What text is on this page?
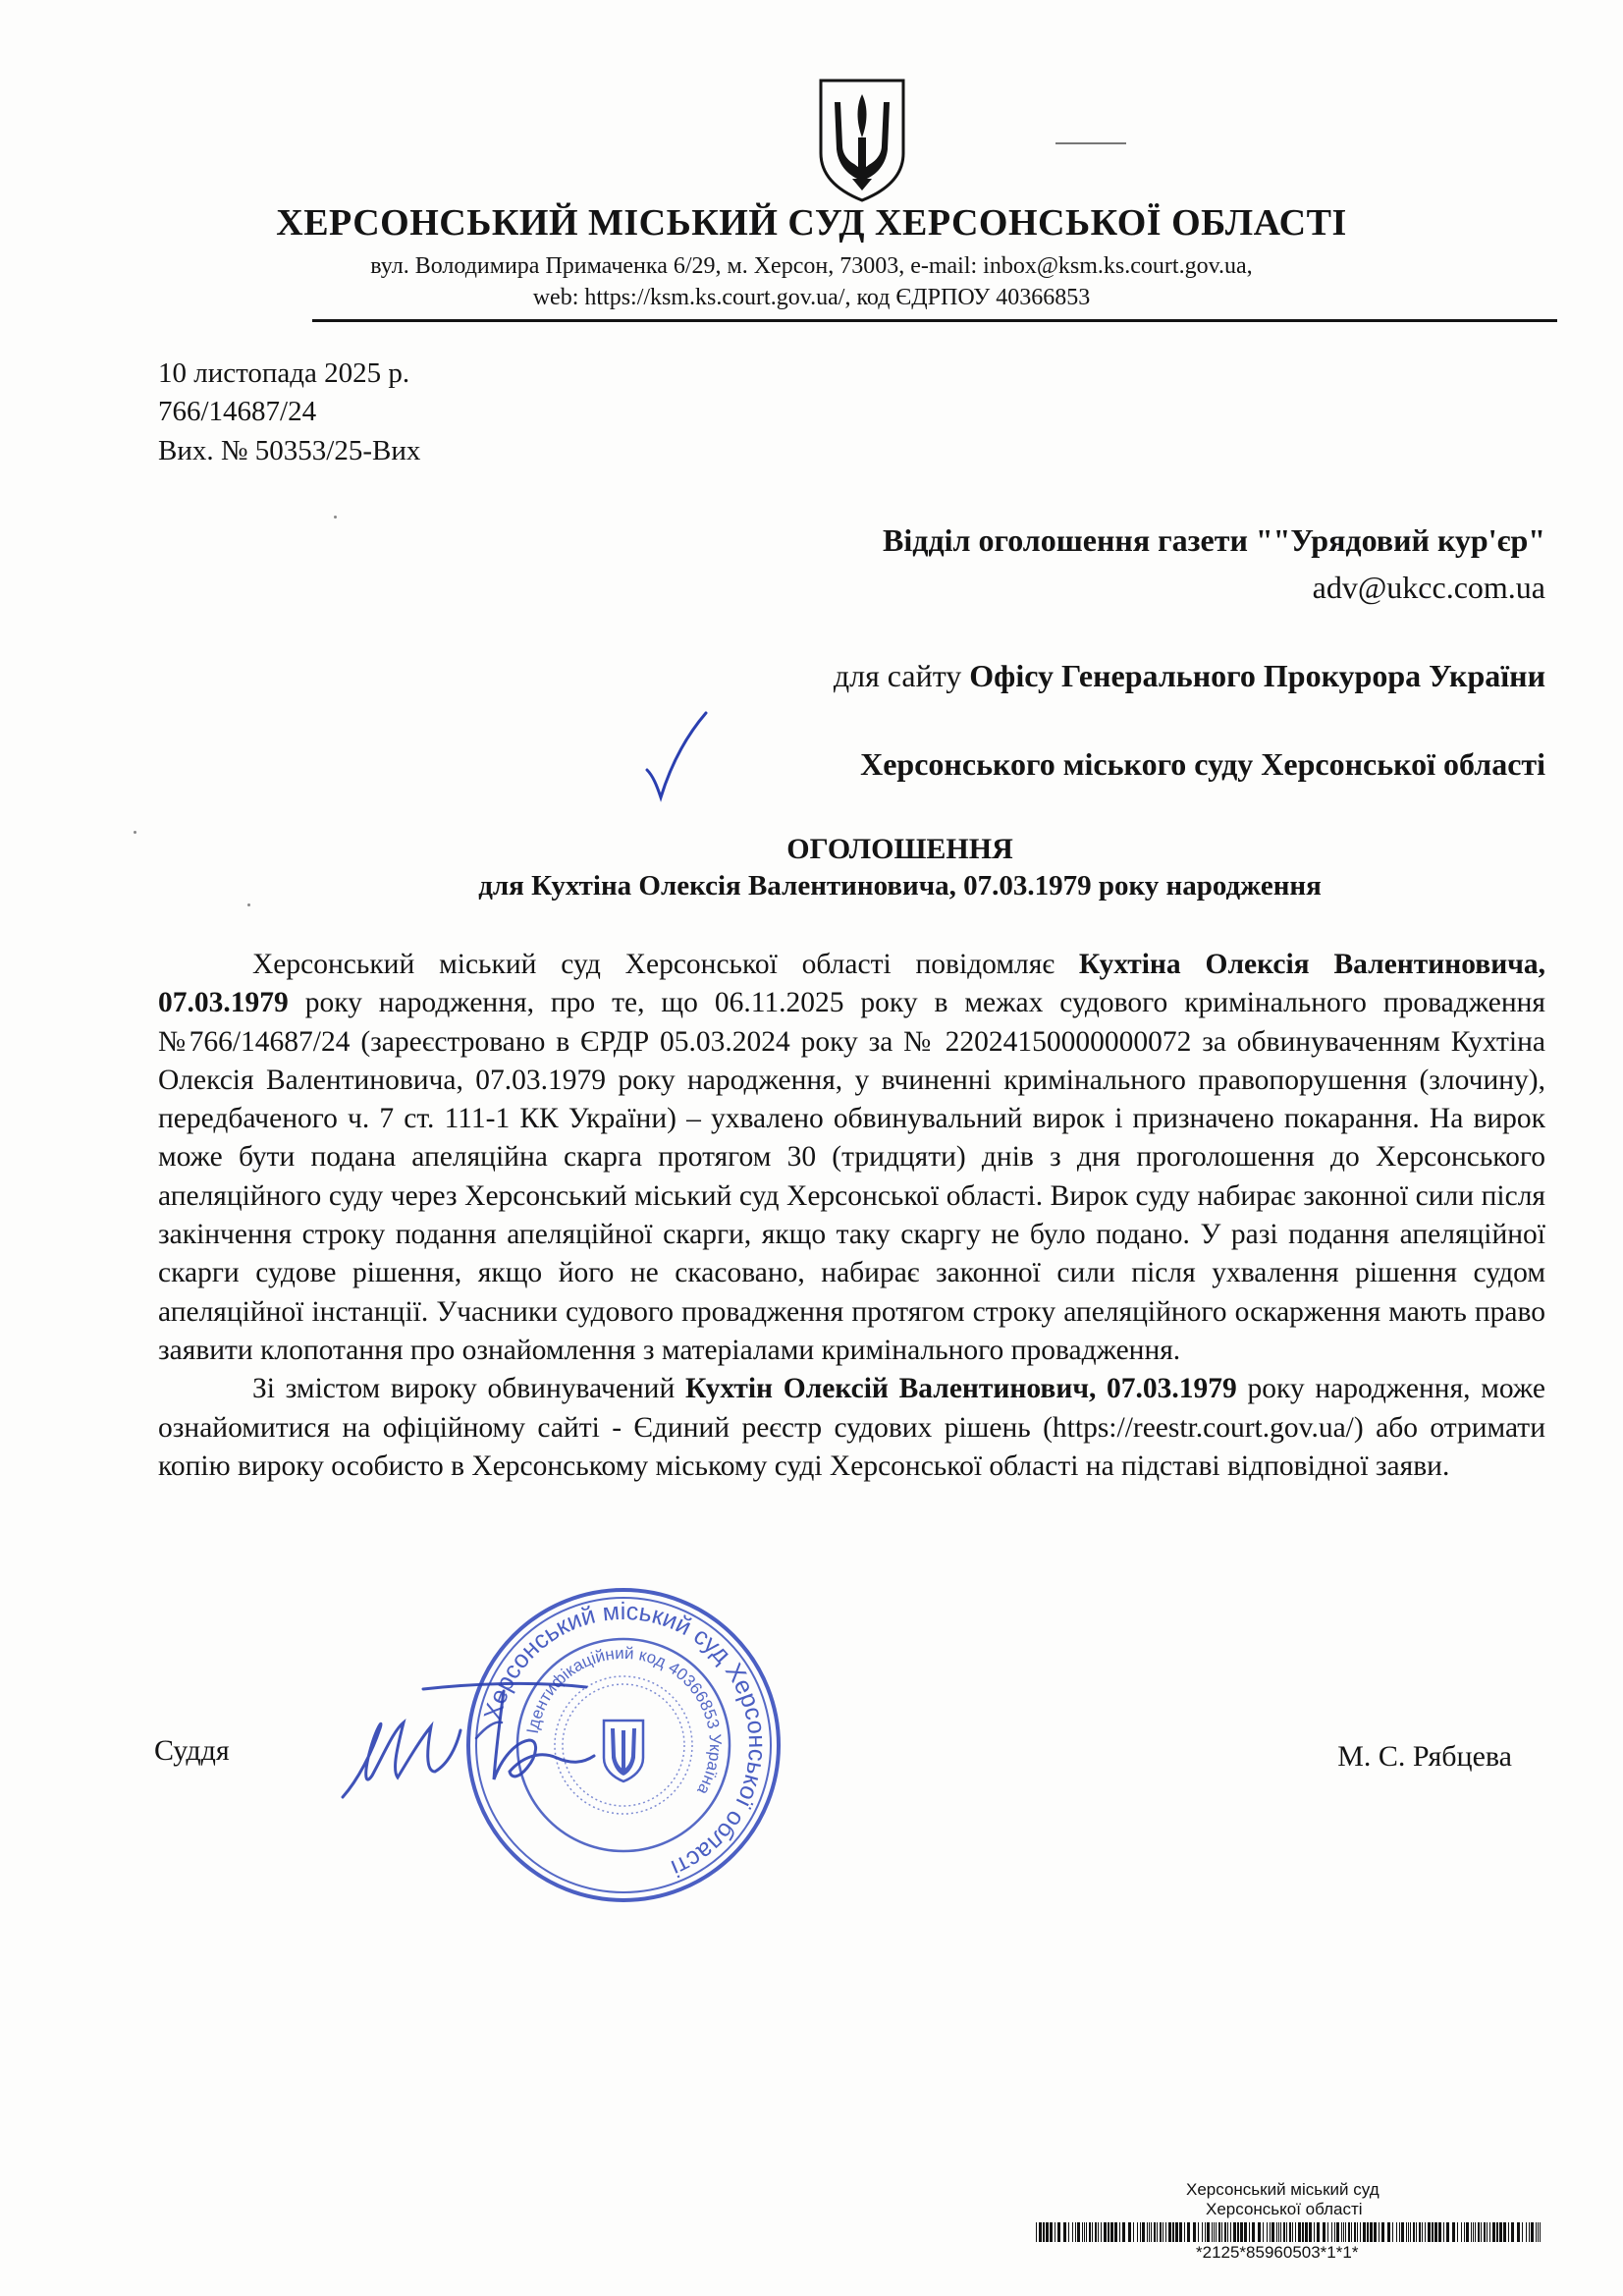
ХЕРСОНСЬКИЙ МІСЬКИЙ СУД ХЕРСОНСЬКОЇ ОБЛАСТІ
вул. Володимира Примаченка 6/29, м. Херсон, 73003, e-mail: inbox@ksm.ks.court.gov.ua,
web: https://ksm.ks.court.gov.ua/, код ЄДРПОУ 40366853
10 листопада 2025 р.
766/14687/24
Вих. № 50353/25-Вих
Відділ оголошення газети ""Урядовий кур'єр"
adv@ukcc.com.ua
для сайту Офісу Генерального Прокурора України
Херсонського міського суду Херсонської області
ОГОЛОШЕННЯ
для Кухтіна Олексія Валентиновича, 07.03.1979 року народження

Херсонський міський суд Херсонської області повідомляє Кухтіна Олексія Валентиновича, 07.03.1979 року народження, про те, що 06.11.2025 року в межах судового кримінального провадження №766/14687/24 (зареєстровано в ЄРДР 05.03.2024 року за № 22024150000000072 за обвинуваченням Кухтіна Олексія Валентиновича, 07.03.1979 року народження, у вчиненні кримінального правопорушення (злочину), передбаченого ч. 7 ст. 111-1 КК України) – ухвалено обвинувальний вирок і призначено покарання. На вирок може бути подана апеляційна скарга протягом 30 (тридцяти) днів з дня проголошення до Херсонського апеляційного суду через Херсонський міський суд Херсонської області. Вирок суду набирає законної сили після закінчення строку подання апеляційної скарги, якщо таку скаргу не було подано. У разі подання апеляційної скарги судове рішення, якщо його не скасовано, набирає законної сили після ухвалення рішення судом апеляційної інстанції. Учасники судового провадження протягом строку апеляційного оскарження мають право заявити клопотання про ознайомлення з матеріалами кримінального провадження.

Зі змістом вироку обвинувачений Кухтін Олексій Валентинович, 07.03.1979 року народження, може ознайомитися на офіційному сайті - Єдиний реєстр судових рішень (https://reestr.court.gov.ua/) або отримати копію вироку особисто в Херсонському міському суді Херсонської області на підставі відповідної заяви.

Суддя	М. С. Рябцева
Херсонський міський суд Херсонської області
Ідентифікаційний код 40366853 Україна
Херсонський міський суд
Херсонської області
*2125*85960503*1*1*
